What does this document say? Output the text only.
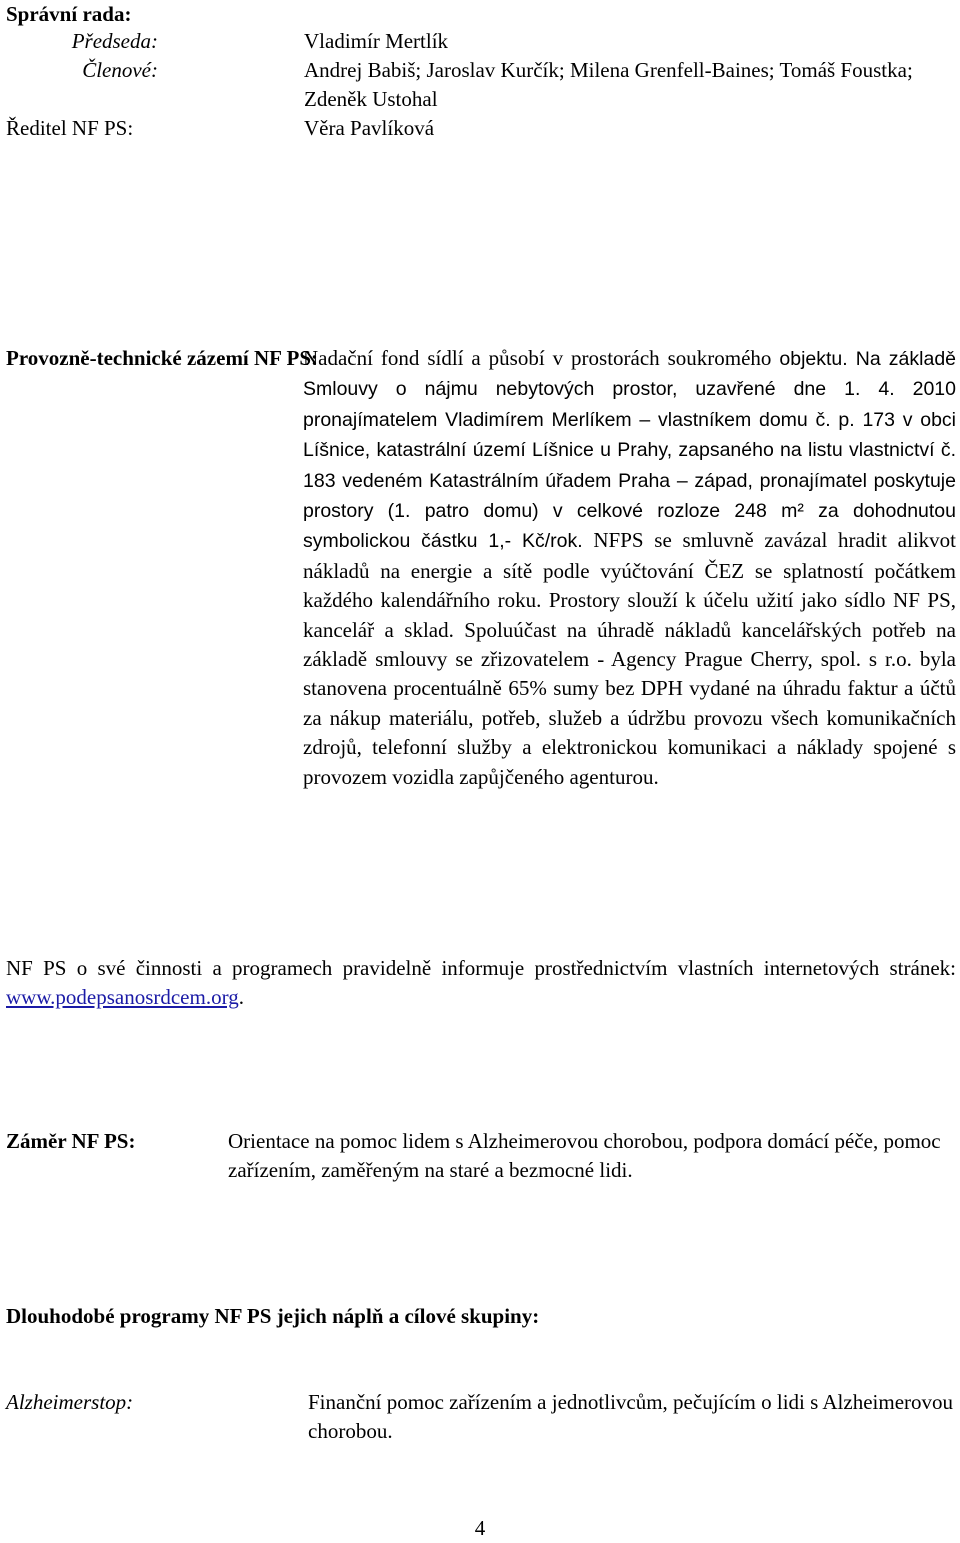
Správní rada:
Předseda:	Vladimír Mertlík
Členové:	Andrej Babiš; Jaroslav Kurčík; Milena Grenfell-Baines; Tomáš Foustka; Zdeněk Ustohal
Ředitel NF PS:	Věra Pavlíková
Provozně-technické zázemí NF PS:
Nadační fond sídlí a působí v prostorách soukromého objektu. Na základě Smlouvy o nájmu nebytových prostor, uzavřené dne 1. 4. 2010 pronajímatelem Vladimírem Merlíkem – vlastníkem domu č. p. 173 v obci Líšnice, katastrální území Líšnice u Prahy, zapsaného na listu vlastnictví č. 183 vedeném Katastrálním úřadem Praha – západ, pronajímatel poskytuje prostory (1. patro domu) v celkové rozloze 248 m² za dohodnutou symbolickou částku 1,- Kč/rok. NFPS se smluvně zavázal hradit alikvot nákladů na energie a sítě podle vyúčtování ČEZ se splatností počátkem každého kalendářního roku. Prostory slouží k účelu užití jako sídlo NF PS, kancelář a sklad. Spoluúčast na úhradě nákladů kancelářských potřeb na základě smlouvy se zřizovatelem - Agency Prague Cherry, spol. s r.o. byla stanovena procentuálně 65% sumy bez DPH vydané na úhradu faktur a účtů za nákup materiálu, potřeb, služeb a údržbu provozu všech komunikačních zdrojů, telefonní služby a elektronickou komunikaci a náklady spojené s provozem vozidla zapůjčeného agenturou.
NF PS o své činnosti a programech pravidelně informuje prostřednictvím vlastních internetových stránek: www.podepsanosrdcem.org.
Záměr NF PS:	Orientace na pomoc lidem s Alzheimerovou chorobou, podpora domácí péče, pomoc zařízením, zaměřeným na staré a bezmocné lidi.
Dlouhodobé programy NF PS jejich náplň a cílové skupiny:
Alzheimerstop:	Finanční pomoc zařízením a jednotlivcům, pečujícím o lidi s Alzheimerovou chorobou.
4
